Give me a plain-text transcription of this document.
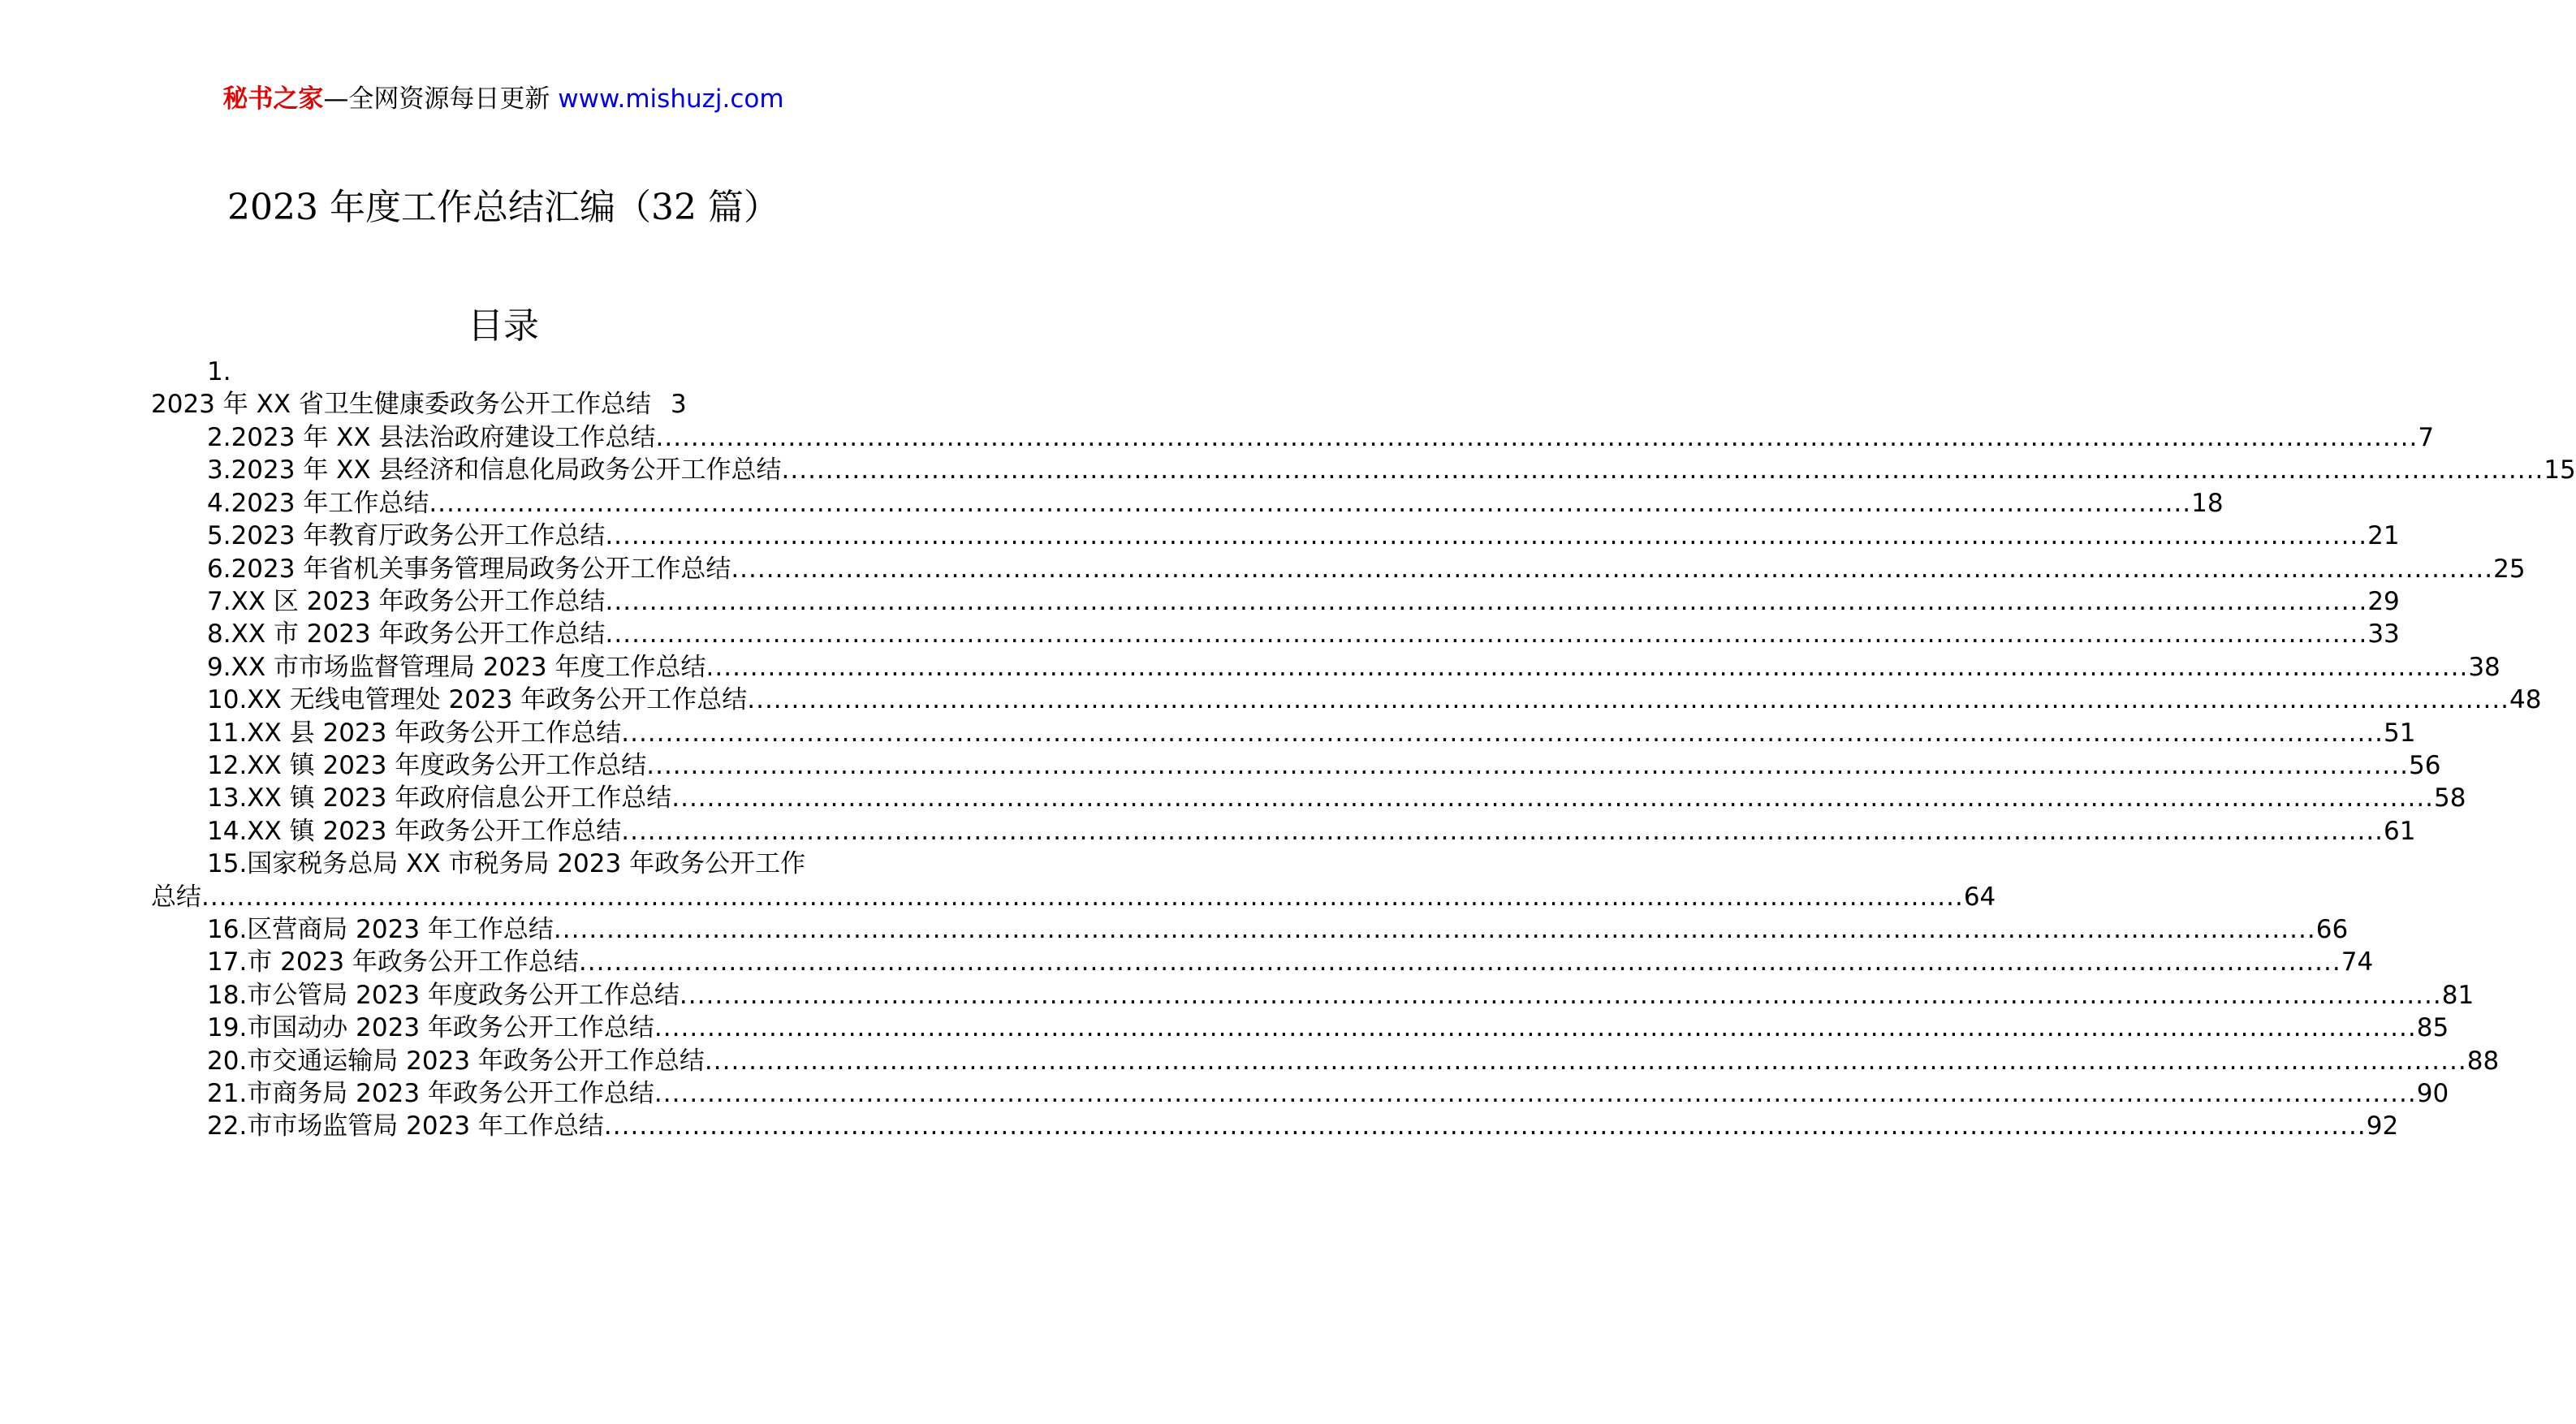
秘书之家—全网资源每日更新 www.mishuzj.com
2023 年度工作总结汇编（32 篇）
目录
1.
2023 年 XX 省卫生健康委政务公开工作总结 3
2.2023 年 XX 县法治政府建设工作总结 ........................................................................................................................................................................................................ 7
3.2023 年 XX 县经济和信息化局政务公开工作总结 ........................................................................................................................................................................................................ 15
4.2023 年工作总结 ........................................................................................................................................................................................................ 18
5.2023 年教育厅政务公开工作总结 ........................................................................................................................................................................................................ 21
6.2023 年省机关事务管理局政务公开工作总结 ........................................................................................................................................................................................................ 25
7.XX 区 2023 年政务公开工作总结 ........................................................................................................................................................................................................ 29
8.XX 市 2023 年政务公开工作总结 ........................................................................................................................................................................................................ 33
9.XX 市市场监督管理局 2023 年度工作总结 ........................................................................................................................................................................................................ 38
10.XX 无线电管理处 2023 年政务公开工作总结 ........................................................................................................................................................................................................ 48
11.XX 县 2023 年政务公开工作总结 ........................................................................................................................................................................................................ 51
12.XX 镇 2023 年度政务公开工作总结 ........................................................................................................................................................................................................ 56
13.XX 镇 2023 年政府信息公开工作总结 ........................................................................................................................................................................................................ 58
14.XX 镇 2023 年政务公开工作总结 ........................................................................................................................................................................................................ 61
15.国家税务总局 XX 市税务局 2023 年政务公开工作
总结 ........................................................................................................................................................................................................ 64
16.区营商局 2023 年工作总结 ........................................................................................................................................................................................................ 66
17.市 2023 年政务公开工作总结 ........................................................................................................................................................................................................ 74
18.市公管局 2023 年度政务公开工作总结 ........................................................................................................................................................................................................ 81
19.市国动办 2023 年政务公开工作总结 ........................................................................................................................................................................................................ 85
20.市交通运输局 2023 年政务公开工作总结 ........................................................................................................................................................................................................ 88
21.市商务局 2023 年政务公开工作总结 ........................................................................................................................................................................................................ 90
22.市市场监管局 2023 年工作总结 ........................................................................................................................................................................................................ 92
